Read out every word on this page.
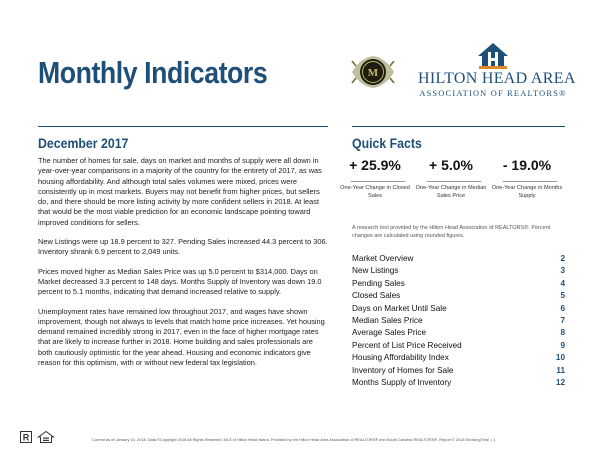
Monthly Indicators	M HILTON HEAD AREA
ASSOCIATION OF REALTORS®
December 2017	Quick Facts

The number of homes for sale, days on market and months of supply were all down in year-over-year comparisons in a majority of the country for the entirety of 2017, as was housing affordability. And although total sales volumes were mixed, prices were consistently up in most markets. Buyers may not benefit from higher prices, but sellers do, and there should be more listing activity by more confident sellers in 2018. At least that would be the most viable prediction for an economic landscape pointing toward improved conditions for sellers.

New Listings were up 18.9 percent to 327. Pending Sales increased 44.3 percent to 306. Inventory shrank 6.9 percent to 2,049 units.

Prices moved higher as Median Sales Price was up 5.0 percent to $314,000. Days on Market decreased 3.3 percent to 148 days. Months Supply of Inventory was down 19.0 percent to 5.1 months, indicating that demand increased relative to supply.

Unemployment rates have remained low throughout 2017, and wages have shown improvement, though not always to levels that match home price increases. Yet housing demand remained incredibly strong in 2017, even in the face of higher mortgage rates that are likely to increase further in 2018. Home building and sales professionals are both cautiously optimistic for the year ahead. Housing and economic indicators give reason for this optimism, with or without new federal tax legislation.

+ 25.9%
One-Year Change in Closed Sales
+ 5.0%
One-Year Change in Median Sales Price
- 19.0%
One-Year Change in Months Supply
A research tool provided by the Hilton Head Association of REALTORS®. Percent changes are calculated using rounded figures.
Market Overview	2
New Listings	3
Pending Sales	4
Closed Sales	5
Days on Market Until Sale	6
Median Sales Price	7
Average Sales Price	8
Percent of List Price Received	9
Housing Affordability Index	10
Inventory of Homes for Sale	11
Months Supply of Inventory	12
R	Current as of January 10, 2018. Data ©Copyright 2018 All Rights Reserved. MLS of Hilton Head Island. Provided by the Hilton Head Area Association of REALTORS® and South Carolina REALTORS®. Report © 2018 ShowingTime. | 1
